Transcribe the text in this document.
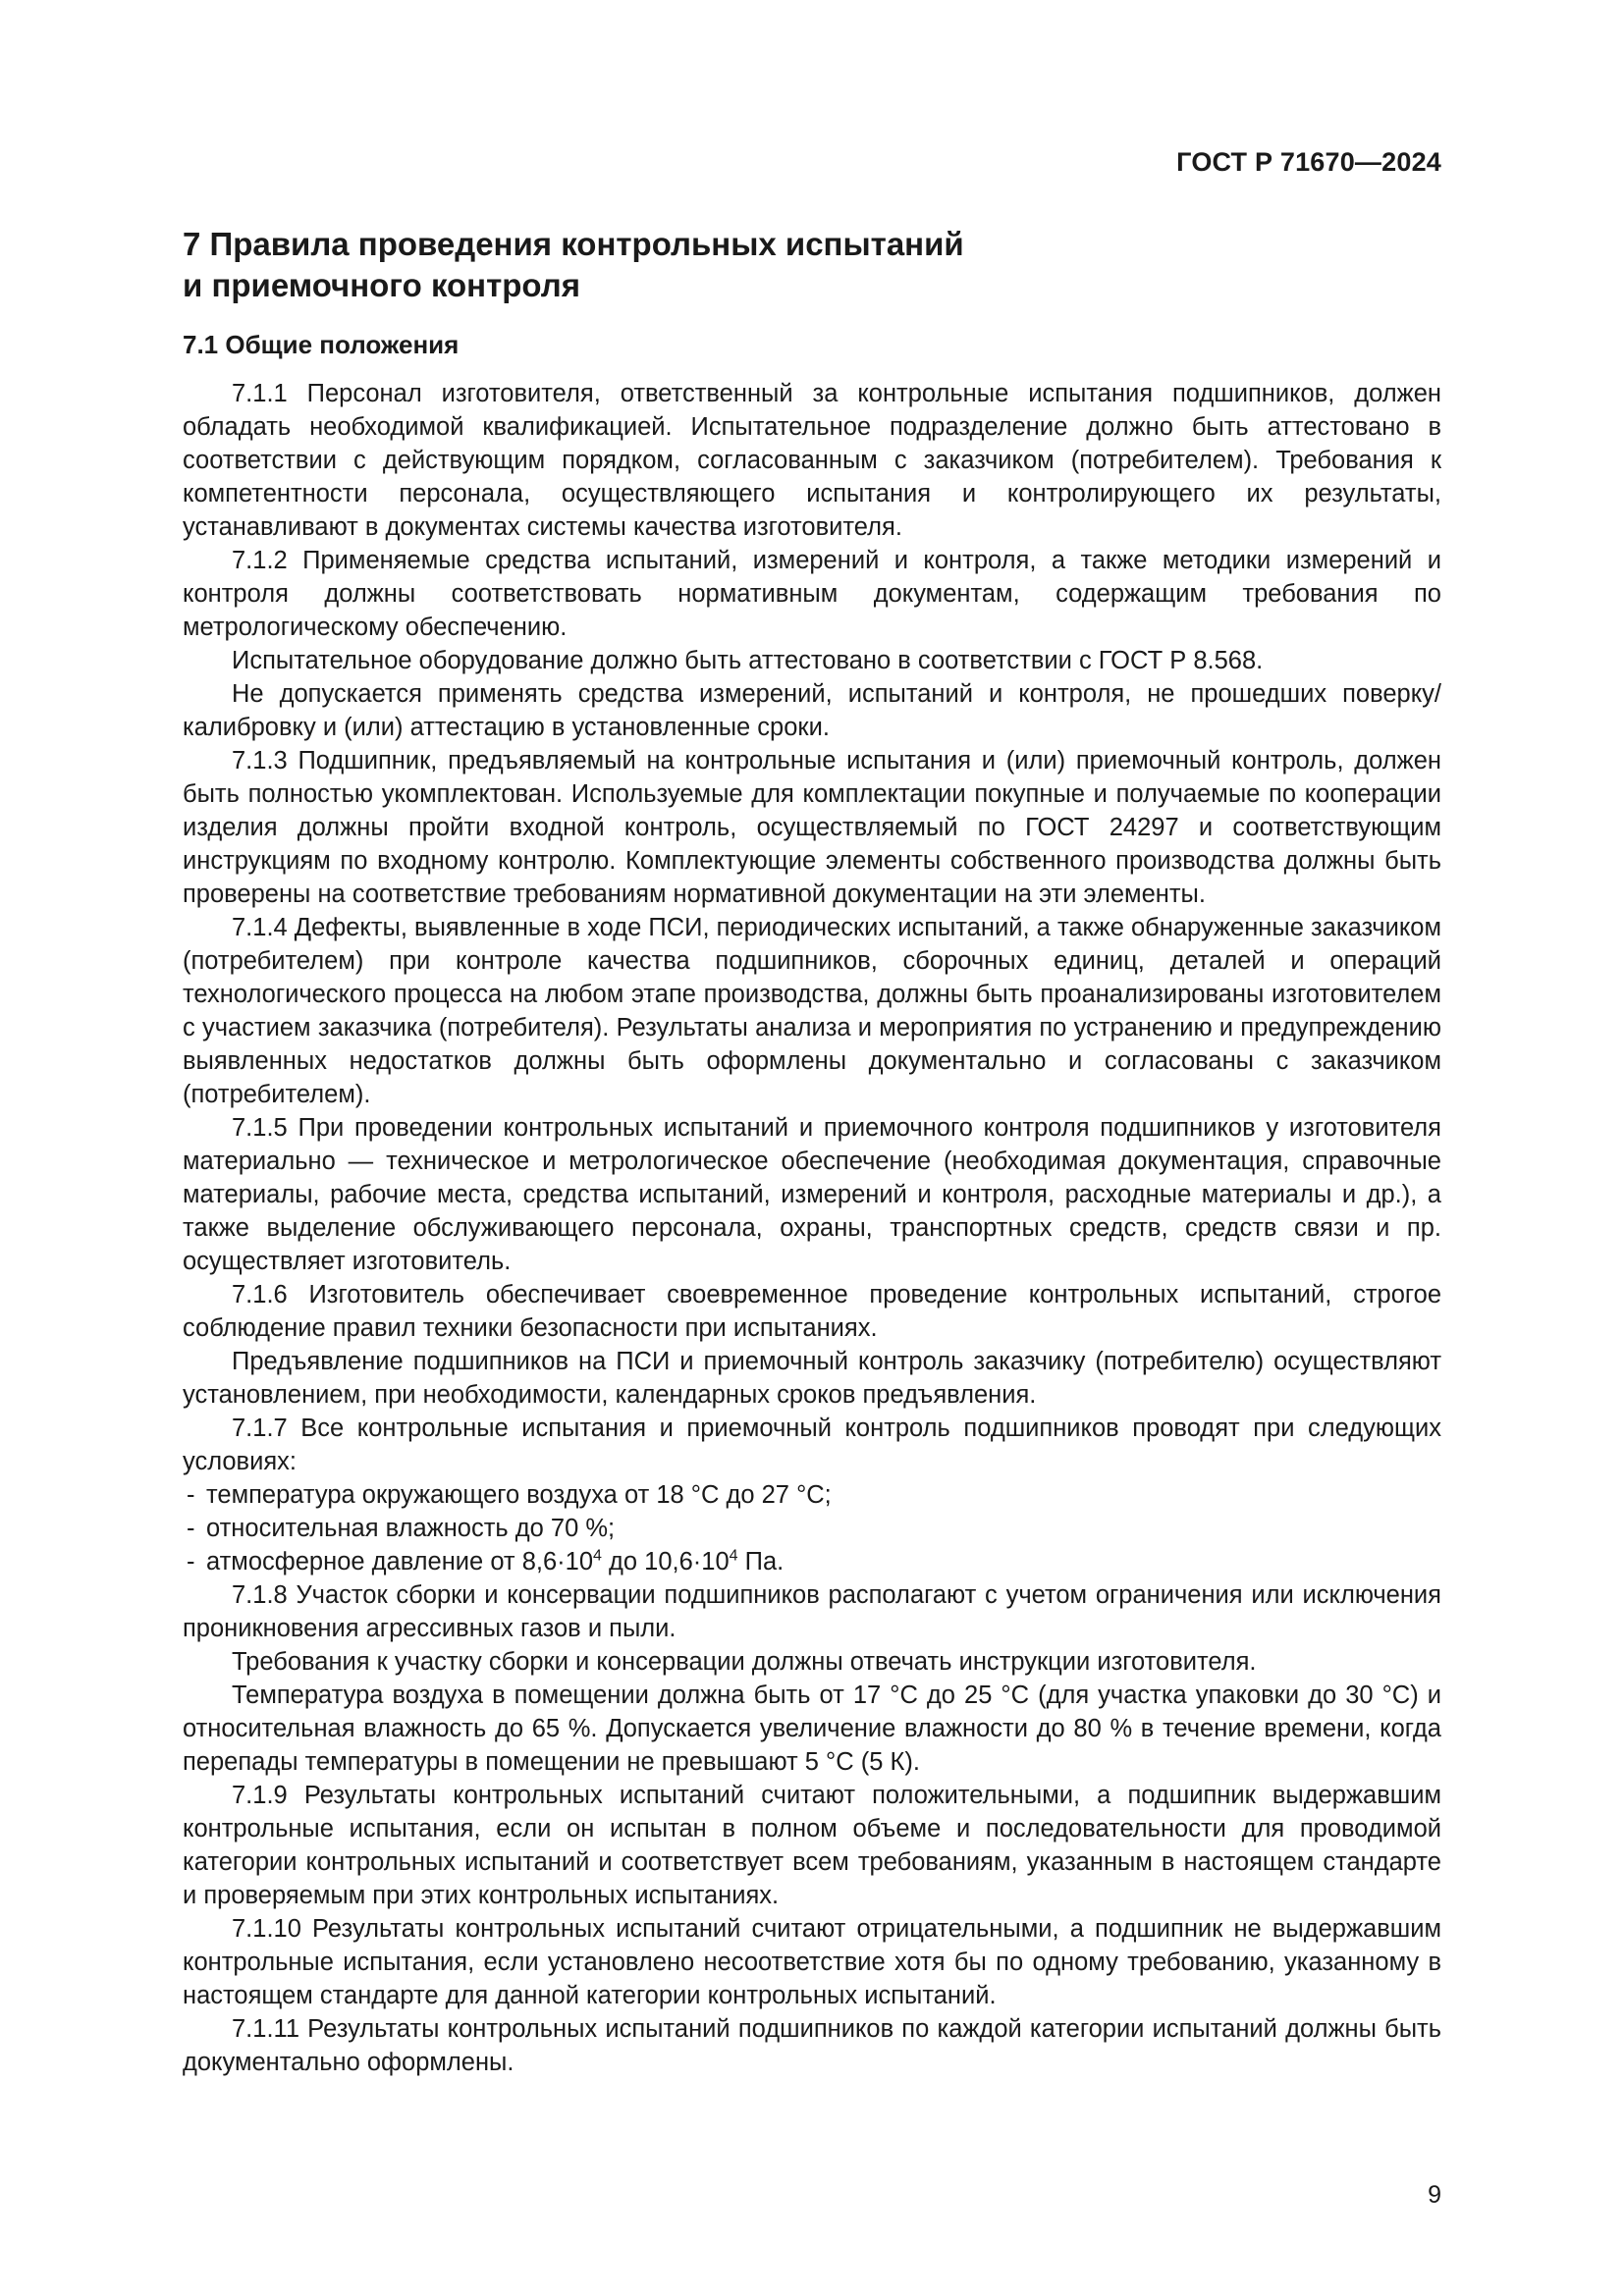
ГОСТ Р 71670—2024
7 Правила проведения контрольных испытаний
и приемочного контроля
7.1 Общие положения

7.1.1 Персонал изготовителя, ответственный за контрольные испытания подшипников, должен обладать необходимой квалификацией. Испытательное подразделение должно быть аттестовано в соответствии с действующим порядком, согласованным с заказчиком (потребителем). Требования к компетентности персонала, осуществляющего испытания и контролирующего их результаты, устанавливают в документах системы качества изготовителя.

7.1.2 Применяемые средства испытаний, измерений и контроля, а также методики измерений и контроля должны соответствовать нормативным документам, содержащим требования по метрологическому обеспечению.

Испытательное оборудование должно быть аттестовано в соответствии с ГОСТ Р 8.568.

Не допускается применять средства измерений, испытаний и контроля, не прошедших поверку/калибровку и (или) аттестацию в установленные сроки.

7.1.3 Подшипник, предъявляемый на контрольные испытания и (или) приемочный контроль, должен быть полностью укомплектован. Используемые для комплектации покупные и получаемые по кооперации изделия должны пройти входной контроль, осуществляемый по ГОСТ 24297 и соответствующим инструкциям по входному контролю. Комплектующие элементы собственного производства должны быть проверены на соответствие требованиям нормативной документации на эти элементы.

7.1.4 Дефекты, выявленные в ходе ПСИ, периодических испытаний, а также обнаруженные заказчиком (потребителем) при контроле качества подшипников, сборочных единиц, деталей и операций технологического процесса на любом этапе производства, должны быть проанализированы изготовителем с участием заказчика (потребителя). Результаты анализа и мероприятия по устранению и предупреждению выявленных недостатков должны быть оформлены документально и согласованы с заказчиком (потребителем).

7.1.5 При проведении контрольных испытаний и приемочного контроля подшипников у изготовителя материально — техническое и метрологическое обеспечение (необходимая документация, справочные материалы, рабочие места, средства испытаний, измерений и контроля, расходные материалы и др.), а также выделение обслуживающего персонала, охраны, транспортных средств, средств связи и пр. осуществляет изготовитель.

7.1.6 Изготовитель обеспечивает своевременное проведение контрольных испытаний, строгое соблюдение правил техники безопасности при испытаниях.

Предъявление подшипников на ПСИ и приемочный контроль заказчику (потребителю) осуществляют установлением, при необходимости, календарных сроков предъявления.

7.1.7 Все контрольные испытания и приемочный контроль подшипников проводят при следующих условиях:

- температура окружающего воздуха от 18 °С до 27 °С;
- относительная влажность до 70 %;
- атмосферное давление от $8,6\cdot 10^4$ до $10,6\cdot 10^4$ Па.

7.1.8 Участок сборки и консервации подшипников располагают с учетом ограничения или исключения проникновения агрессивных газов и пыли.

Требования к участку сборки и консервации должны отвечать инструкции изготовителя.

Температура воздуха в помещении должна быть от 17 °С до 25 °С (для участка упаковки до 30 °С) и относительная влажность до 65 %. Допускается увеличение влажности до 80 % в течение времени, когда перепады температуры в помещении не превышают 5 °С (5 К).

7.1.9 Результаты контрольных испытаний считают положительными, а подшипник выдержавшим контрольные испытания, если он испытан в полном объеме и последовательности для проводимой категории контрольных испытаний и соответствует всем требованиям, указанным в настоящем стандарте и проверяемым при этих контрольных испытаниях.

7.1.10 Результаты контрольных испытаний считают отрицательными, а подшипник не выдержавшим контрольные испытания, если установлено несоответствие хотя бы по одному требованию, указанному в настоящем стандарте для данной категории контрольных испытаний.

7.1.11 Результаты контрольных испытаний подшипников по каждой категории испытаний должны быть документально оформлены.

9
